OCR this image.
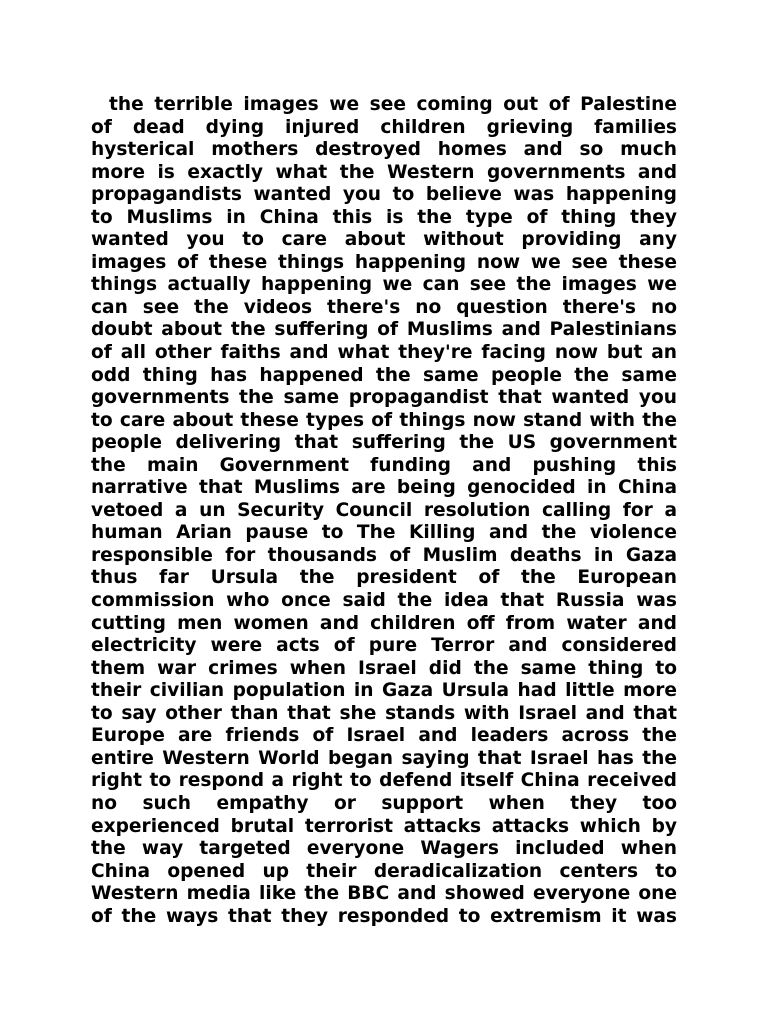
the terrible images we see coming out of Palestine
of dead dying injured children grieving families
hysterical mothers destroyed homes and so much
more is exactly what the Western governments and
propagandists wanted you to believe was happening
to Muslims in China this is the type of thing they
wanted you to care about without providing any
images of these things happening now we see these
things actually happening we can see the images we
can see the videos there's no question there's no
doubt about the suffering of Muslims and Palestinians
of all other faiths and what they're facing now but an
odd thing has happened the same people the same
governments the same propagandist that wanted you
to care about these types of things now stand with the
people delivering that suffering the US government
the main Government funding and pushing this
narrative that Muslims are being genocided in China
vetoed a un Security Council resolution calling for a
human Arian pause to The Killing and the violence
responsible for thousands of Muslim deaths in Gaza
thus far Ursula the president of the European
commission who once said the idea that Russia was
cutting men women and children off from water and
electricity were acts of pure Terror and considered
them war crimes when Israel did the same thing to
their civilian population in Gaza Ursula had little more
to say other than that she stands with Israel and that
Europe are friends of Israel and leaders across the
entire Western World began saying that Israel has the
right to respond a right to defend itself China received
no such empathy or support when they too
experienced brutal terrorist attacks attacks which by
the way targeted everyone Wagers included when
China opened up their deradicalization centers to
Western media like the BBC and showed everyone one
of the ways that they responded to extremism it was
